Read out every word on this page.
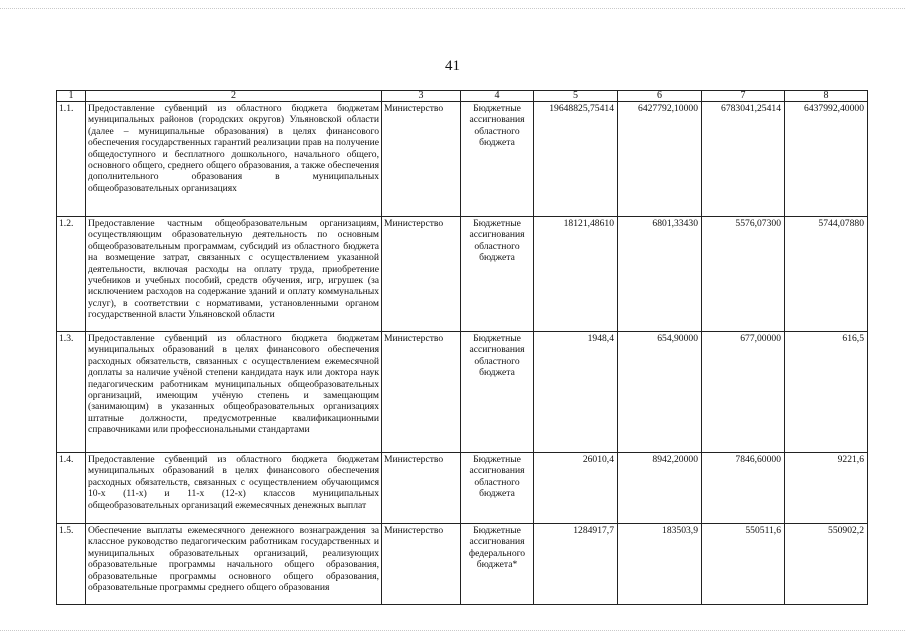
41
1	2	3	4	5	6	7	8
1.1.	Предоставление субвенций из областного бюджета бюджетам муниципальных районов (городских округов) Ульяновской области (далее – муниципальные образования) в целях финансового обеспечения государственных гарантий реализации прав на получение общедоступного и бесплатного дошкольного, начального общего, основного общего, среднего общего образования, а также обеспечения дополнительного образования в муниципальных общеобразовательных организациях	Министерство	Бюджетные ассигнования областного бюджета	19648825,75414	6427792,10000	6783041,25414	6437992,40000
1.2.	Предоставление частным общеобразовательным организациям, осуществляющим образовательную деятельность по основным общеобразовательным программам, субсидий из областного бюджета на возмещение затрат, связанных с осуществлением указанной деятельности, включая расходы на оплату труда, приобретение учебников и учебных пособий, средств обучения, игр, игрушек (за исключением расходов на содержание зданий и оплату коммунальных услуг), в соответствии с нормативами, установленными органом государственной власти Ульяновской области	Министерство	Бюджетные ассигнования областного бюджета	18121,48610	6801,33430	5576,07300	5744,07880
1.3.	Предоставление субвенций из областного бюджета бюджетам муниципальных образований в целях финансового обеспечения расходных обязательств, связанных с осуществлением ежемесячной доплаты за наличие учёной степени кандидата наук или доктора наук педагогическим работникам муниципальных общеобразовательных организаций, имеющим учёную степень и замещающим (занимающим) в указанных общеобразовательных организациях штатные должности, предусмотренные квалификационными справочниками или профессиональными стандартами	Министерство	Бюджетные ассигнования областного бюджета	1948,4	654,90000	677,00000	616,5
1.4.	Предоставление субвенций из областного бюджета бюджетам муниципальных образований в целях финансового обеспечения расходных обязательств, связанных с осуществлением обучающимся 10-х (11-х) и 11-х (12-х) классов муниципальных общеобразовательных организаций ежемесячных денежных выплат	Министерство	Бюджетные ассигнования областного бюджета	26010,4	8942,20000	7846,60000	9221,6
1.5.	Обеспечение выплаты ежемесячного денежного вознаграждения за классное руководство педагогическим работникам государственных и муниципальных образовательных организаций, реализующих образовательные программы начального общего образования, образовательные программы основного общего образования, образовательные программы среднего общего образования	Министерство	Бюджетные ассигнования федерального бюджета*	1284917,7	183503,9	550511,6	550902,2
